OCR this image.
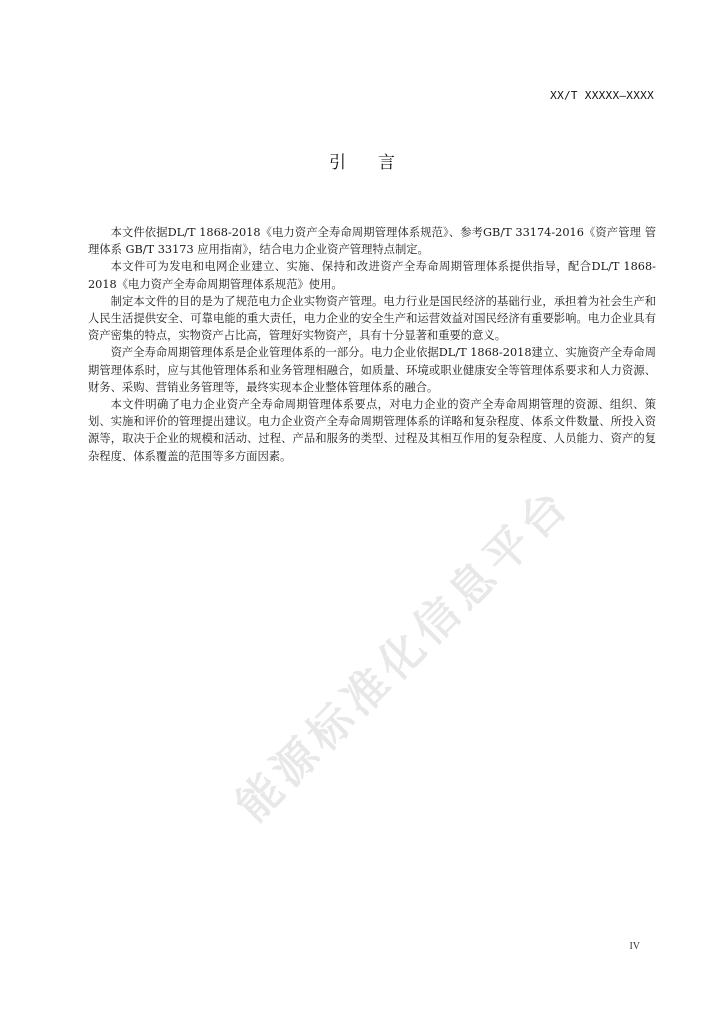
XX/T XXXXX—XXXX
引言

本文件依据DL/T 1868-2018《电力资产全寿命周期管理体系规范》、参考GB/T 33174-2016《资产管理 管理体系 GB/T 33173 应用指南》，结合电力企业资产管理特点制定。

本文件可为发电和电网企业建立、实施、保持和改进资产全寿命周期管理体系提供指导，配合DL/T 1868-2018《电力资产全寿命周期管理体系规范》使用。

制定本文件的目的是为了规范电力企业实物资产管理。电力行业是国民经济的基础行业，承担着为社会生产和人民生活提供安全、可靠电能的重大责任，电力企业的安全生产和运营效益对国民经济有重要影响。电力企业具有资产密集的特点，实物资产占比高，管理好实物资产，具有十分显著和重要的意义。

资产全寿命周期管理体系是企业管理体系的一部分。电力企业依据DL/T 1868-2018建立、实施资产全寿命周期管理体系时，应与其他管理体系和业务管理相融合，如质量、环境或职业健康安全等管理体系要求和人力资源、财务、采购、营销业务管理等，最终实现本企业整体管理体系的融合。

本文件明确了电力企业资产全寿命周期管理体系要点，对电力企业的资产全寿命周期管理的资源、组织、策划、实施和评价的管理提出建议。电力企业资产全寿命周期管理体系的详略和复杂程度、体系文件数量、所投入资源等，取决于企业的规模和活动、过程、产品和服务的类型、过程及其相互作用的复杂程度、人员能力、资产的复杂程度、体系覆盖的范围等多方面因素。

能源标准化信息平台
IV
